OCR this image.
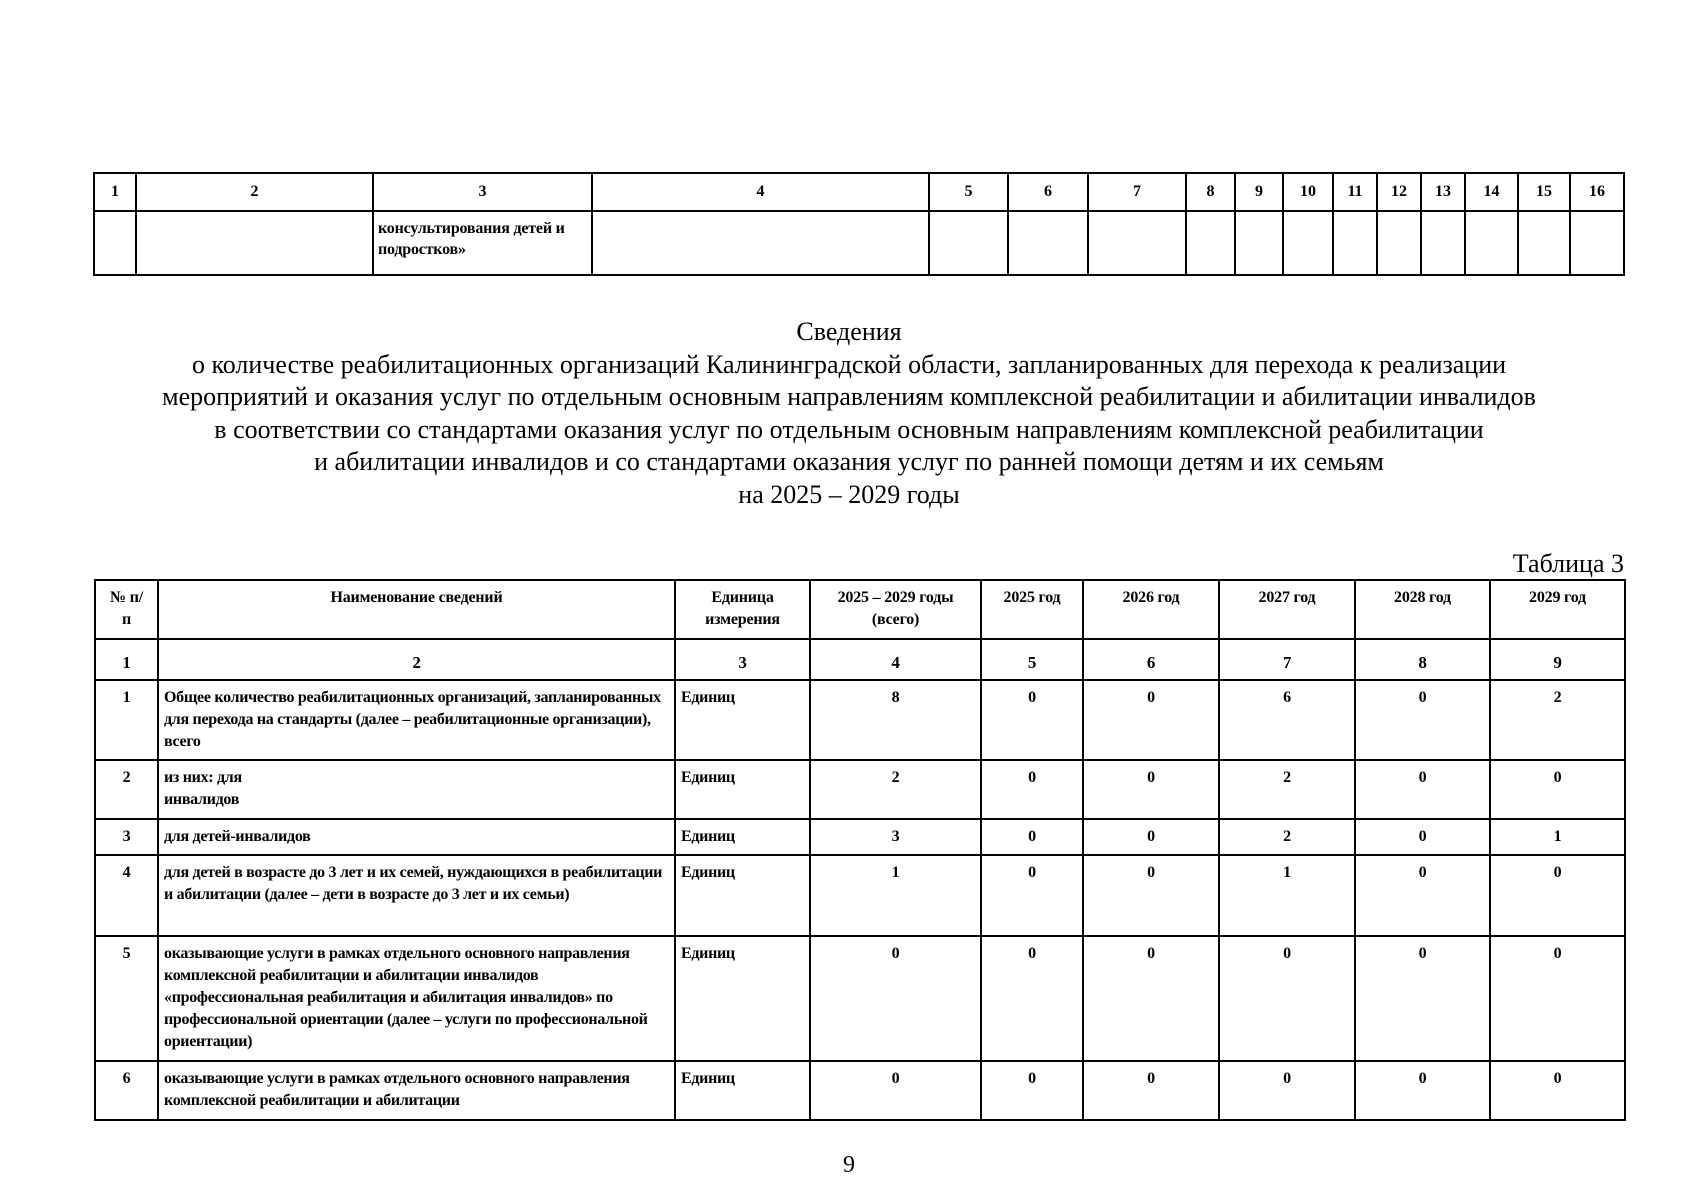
1	2	3	4	5	6	7	8	9	10	11	12	13	14	15	16
		консультирования детей и подростков»													
Сведения
о количестве реабилитационных организаций Калининградской области, запланированных для перехода к реализации
мероприятий и оказания услуг по отдельным основным направлениям комплексной реабилитации и абилитации инвалидов
в соответствии со стандартами оказания услуг по отдельным основным направлениям комплексной реабилитации
и абилитации инвалидов и со стандартами оказания услуг по ранней помощи детям и их семьям
на 2025 – 2029 годы
Таблица 3
№ п/п	Наименование сведений	Единица измерения	2025 – 2029 годы (всего)	2025 год	2026 год	2027 год	2028 год	2029 год
1	2	3	4	5	6	7	8	9
1	Общее количество реабилитационных организаций, запланированных для перехода на стандарты (далее – реабилитационные организации), всего	Единиц	8	0	0	6	0	2
2	из них: для инвалидов	Единиц	2	0	0	2	0	0
3	для детей-инвалидов	Единиц	3	0	0	2	0	1
4	для детей в возрасте до 3 лет и их семей, нуждающихся в реабилитации и абилитации (далее – дети в возрасте до 3 лет и их семьи)	Единиц	1	0	0	1	0	0
5	оказывающие услуги в рамках отдельного основного направления комплексной реабилитации и абилитации инвалидов «профессиональная реабилитация и абилитация инвалидов» по профессиональной ориентации (далее – услуги по профессиональной ориентации)	Единиц	0	0	0	0	0	0
6	оказывающие услуги в рамках отдельного основного направления комплексной реабилитации и абилитации	Единиц	0	0	0	0	0	0
9
